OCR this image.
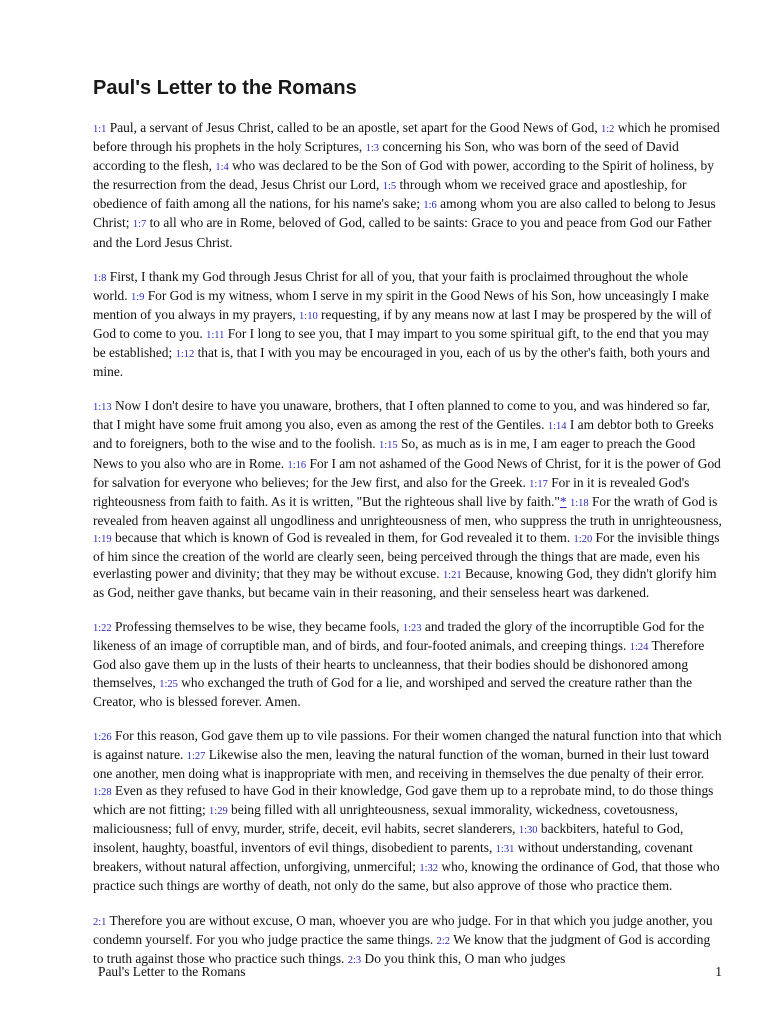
Paul's Letter to the Romans

1:1 Paul, a servant of Jesus Christ, called to be an apostle, set apart for the Good News of God, 1:2 which he promised before through his prophets in the holy Scriptures, 1:3 concerning his Son, who was born of the seed of David according to the flesh, 1:4 who was declared to be the Son of God with power, according to the Spirit of holiness, by the resurrection from the dead, Jesus Christ our Lord, 1:5 through whom we received grace and apostleship, for obedience of faith among all the nations, for his name's sake; 1:6 among whom you are also called to belong to Jesus Christ; 1:7 to all who are in Rome, beloved of God, called to be saints: Grace to you and peace from God our Father and the Lord Jesus Christ.

1:8 First, I thank my God through Jesus Christ for all of you, that your faith is proclaimed throughout the whole world. 1:9 For God is my witness, whom I serve in my spirit in the Good News of his Son, how unceasingly I make mention of you always in my prayers, 1:10 requesting, if by any means now at last I may be prospered by the will of God to come to you. 1:11 For I long to see you, that I may impart to you some spiritual gift, to the end that you may be established; 1:12 that is, that I with you may be encouraged in you, each of us by the other's faith, both yours and mine.

1:13 Now I don't desire to have you unaware, brothers, that I often planned to come to you, and was hindered so far, that I might have some fruit among you also, even as among the rest of the Gentiles. 1:14 I am debtor both to Greeks and to foreigners, both to the wise and to the foolish. 1:15 So, as much as is in me, I am eager to preach the Good News to you also who are in Rome. 1:16 For I am not ashamed of the Good News of Christ, for it is the power of God for salvation for everyone who believes; for the Jew first, and also for the Greek. 1:17 For in it is revealed God's righteousness from faith to faith. As it is written, "But the righteous shall live by faith."* 1:18 For the wrath of God is revealed from heaven against all ungodliness and unrighteousness of men, who suppress the truth in unrighteousness, 1:19 because that which is known of God is revealed in them, for God revealed it to them. 1:20 For the invisible things of him since the creation of the world are clearly seen, being perceived through the things that are made, even his everlasting power and divinity; that they may be without excuse. 1:21 Because, knowing God, they didn't glorify him as God, neither gave thanks, but became vain in their reasoning, and their senseless heart was darkened.

1:22 Professing themselves to be wise, they became fools, 1:23 and traded the glory of the incorruptible God for the likeness of an image of corruptible man, and of birds, and four-footed animals, and creeping things. 1:24 Therefore God also gave them up in the lusts of their hearts to uncleanness, that their bodies should be dishonored among themselves, 1:25 who exchanged the truth of God for a lie, and worshiped and served the creature rather than the Creator, who is blessed forever. Amen.

1:26 For this reason, God gave them up to vile passions. For their women changed the natural function into that which is against nature. 1:27 Likewise also the men, leaving the natural function of the woman, burned in their lust toward one another, men doing what is inappropriate with men, and receiving in themselves the due penalty of their error. 1:28 Even as they refused to have God in their knowledge, God gave them up to a reprobate mind, to do those things which are not fitting; 1:29 being filled with all unrighteousness, sexual immorality, wickedness, covetousness, maliciousness; full of envy, murder, strife, deceit, evil habits, secret slanderers, 1:30 backbiters, hateful to God, insolent, haughty, boastful, inventors of evil things, disobedient to parents, 1:31 without understanding, covenant breakers, without natural affection, unforgiving, unmerciful; 1:32 who, knowing the ordinance of God, that those who practice such things are worthy of death, not only do the same, but also approve of those who practice them.

2:1 Therefore you are without excuse, O man, whoever you are who judge. For in that which you judge another, you condemn yourself. For you who judge practice the same things. 2:2 We know that the judgment of God is according to truth against those who practice such things. 2:3 Do you think this, O man who judges

Paul's Letter to the Romans	1
